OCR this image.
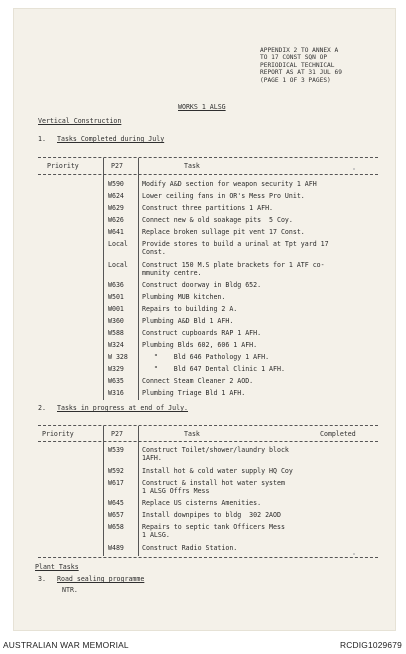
APPENDIX 2 TO ANNEX A
TO 17 CONST SQN OP
PERIODICAL TECHNICAL
REPORT AS AT 31 JUL 69
(PAGE 1 OF 3 PAGES)
WORKS 1 ALSG
Vertical Construction
1. Tasks Completed during July
Priority	P27	Task
W590	Modify A&D section for weapon security 1 AFH
W624	Lower ceiling fans in OR's Mess Pro Unit.
W629	Construct three partitions 1 AFH.
W626	Connect new & old soakage pits  5 Coy.
W641	Replace broken sullage pit vent 17 Const.
Local Provide stores to build a urinal at Tpt yard 17
Const.
Local Construct 150 M.S plate brackets for 1 ATF co-
mmunity centre.
W636	Construct doorway in Bldg 652.
W501	Plumbing MUB kitchen.
W001	Repairs to building 2 A.
W360	Plumbing A&D Bld 1 AFH.
W588	Construct cupboards RAP 1 AFH.
W324	Plumbing Blds 602, 606 1 AFH.
W 328 "    Bld 646 Pathology 1 AFH.
W329	"    Bld 647 Dental Clinic 1 AFH.
W635	Connect Steam Cleaner 2 AOD.
W316	Plumbing Triage Bld 1 AFH.
2. Tasks in progress at end of July.
Priority	P27	Task	Completed
W539	Construct Toilet/shower/laundry block
1AFH.
W592	Install hot & cold water supply HQ Coy
W617	Construct & install hot water system
1 ALSG Offrs Mess
W645	Replace US cisterns Amenities.
W657	Install downpipes to bldg  302 2AOD
W658	Repairs to septic tank Officers Mess
1 ALSG.
W489	Construct Radio Station.
Plant Tasks
3. Road sealing programme
NTR.
AUSTRALIAN WAR MEMORIAL	RCDIG1029679
